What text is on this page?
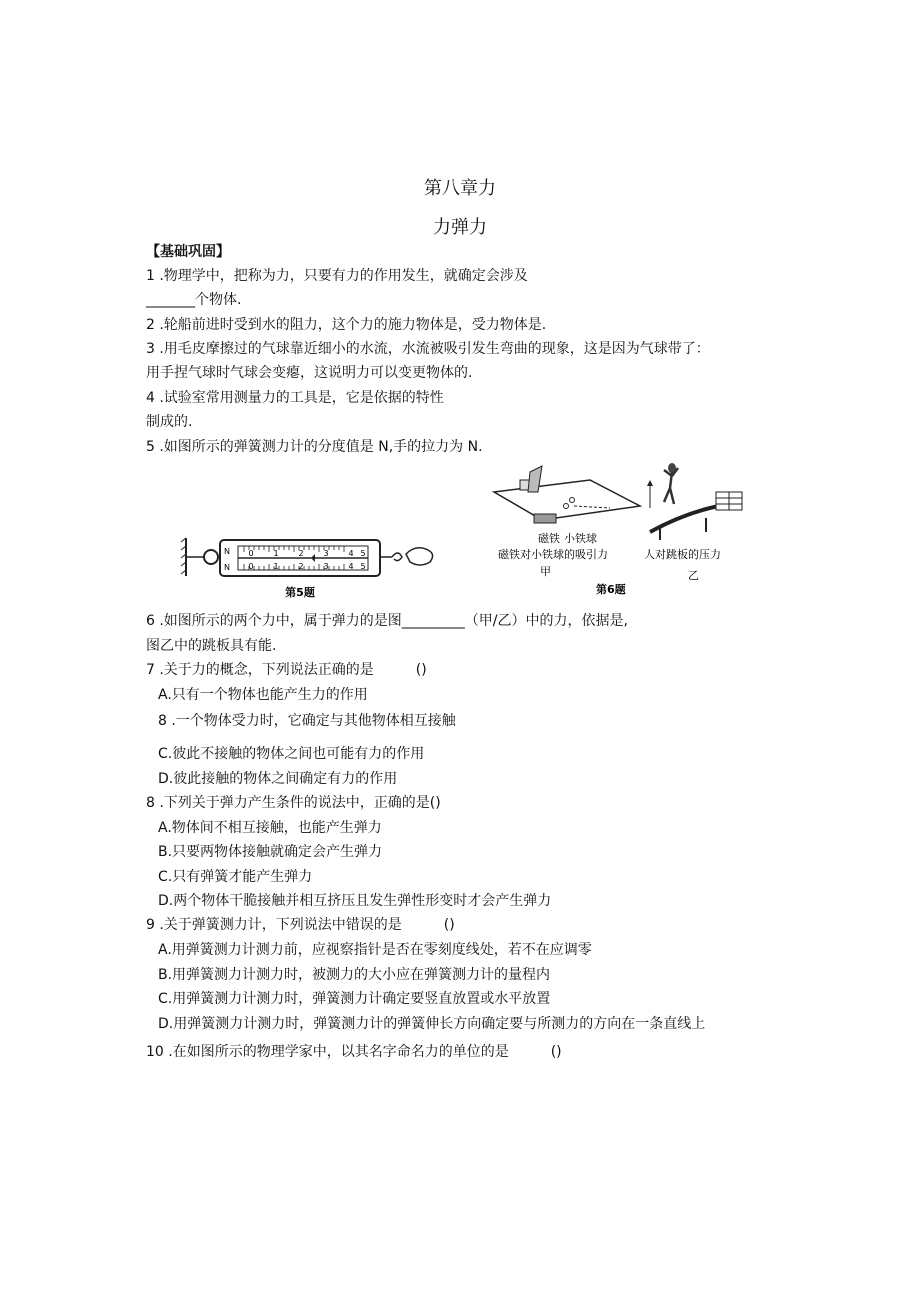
第八章力
力弹力
【基础巩固】
1 .物理学中，把称为力，只要有力的作用发生，就确定会涉及
_______个物体.
2 .轮船前进时受到水的阻力，这个力的施力物体是，受力物体是.
3 .用毛皮摩擦过的气球靠近细小的水流，水流被吸引发生弯曲的现象，这是因为气球带了：
用手捏气球时气球会变瘪，这说明力可以变更物体的.
4 .试验室常用测量力的工具是，它是依据的特性
制成的.
5 .如图所示的弹簧测力计的分度值是 N,手的拉力为 N.
N
N
0 1 2 3 4 5
0 1 2 3 4 5
第5题
磁铁 小铁球
磁铁对小铁球的吸引力
甲
人对跳板的压力
乙
第6题
6 .如图所示的两个力中，属于弹力的是图_________（甲/乙）中的力，依据是,
图乙中的跳板具有能.
7 .关于力的概念，下列说法正确的是　　　()
A.只有一个物体也能产生力的作用
8 .一个物体受力时，它确定与其他物体相互接触
C.彼此不接触的物体之间也可能有力的作用
D.彼此接触的物体之间确定有力的作用
8 .下列关于弹力产生条件的说法中，正确的是()
A.物体间不相互接触，也能产生弹力
B.只要两物体接触就确定会产生弹力
C.只有弹簧才能产生弹力
D.两个物体干脆接触并相互挤压且发生弹性形变时才会产生弹力
9 .关于弹簧测力计，下列说法中错误的是　　　()
A.用弹簧测力计测力前，应视察指针是否在零刻度线处，若不在应调零
B.用弹簧测力计测力时，被测力的大小应在弹簧测力计的量程内
C.用弹簧测力计测力时，弹簧测力计确定要竖直放置或水平放置
D.用弹簧测力计测力时，弹簧测力计的弹簧伸长方向确定要与所测力的方向在一条直线上
10 .在如图所示的物理学家中，以其名字命名力的单位的是　　　()
